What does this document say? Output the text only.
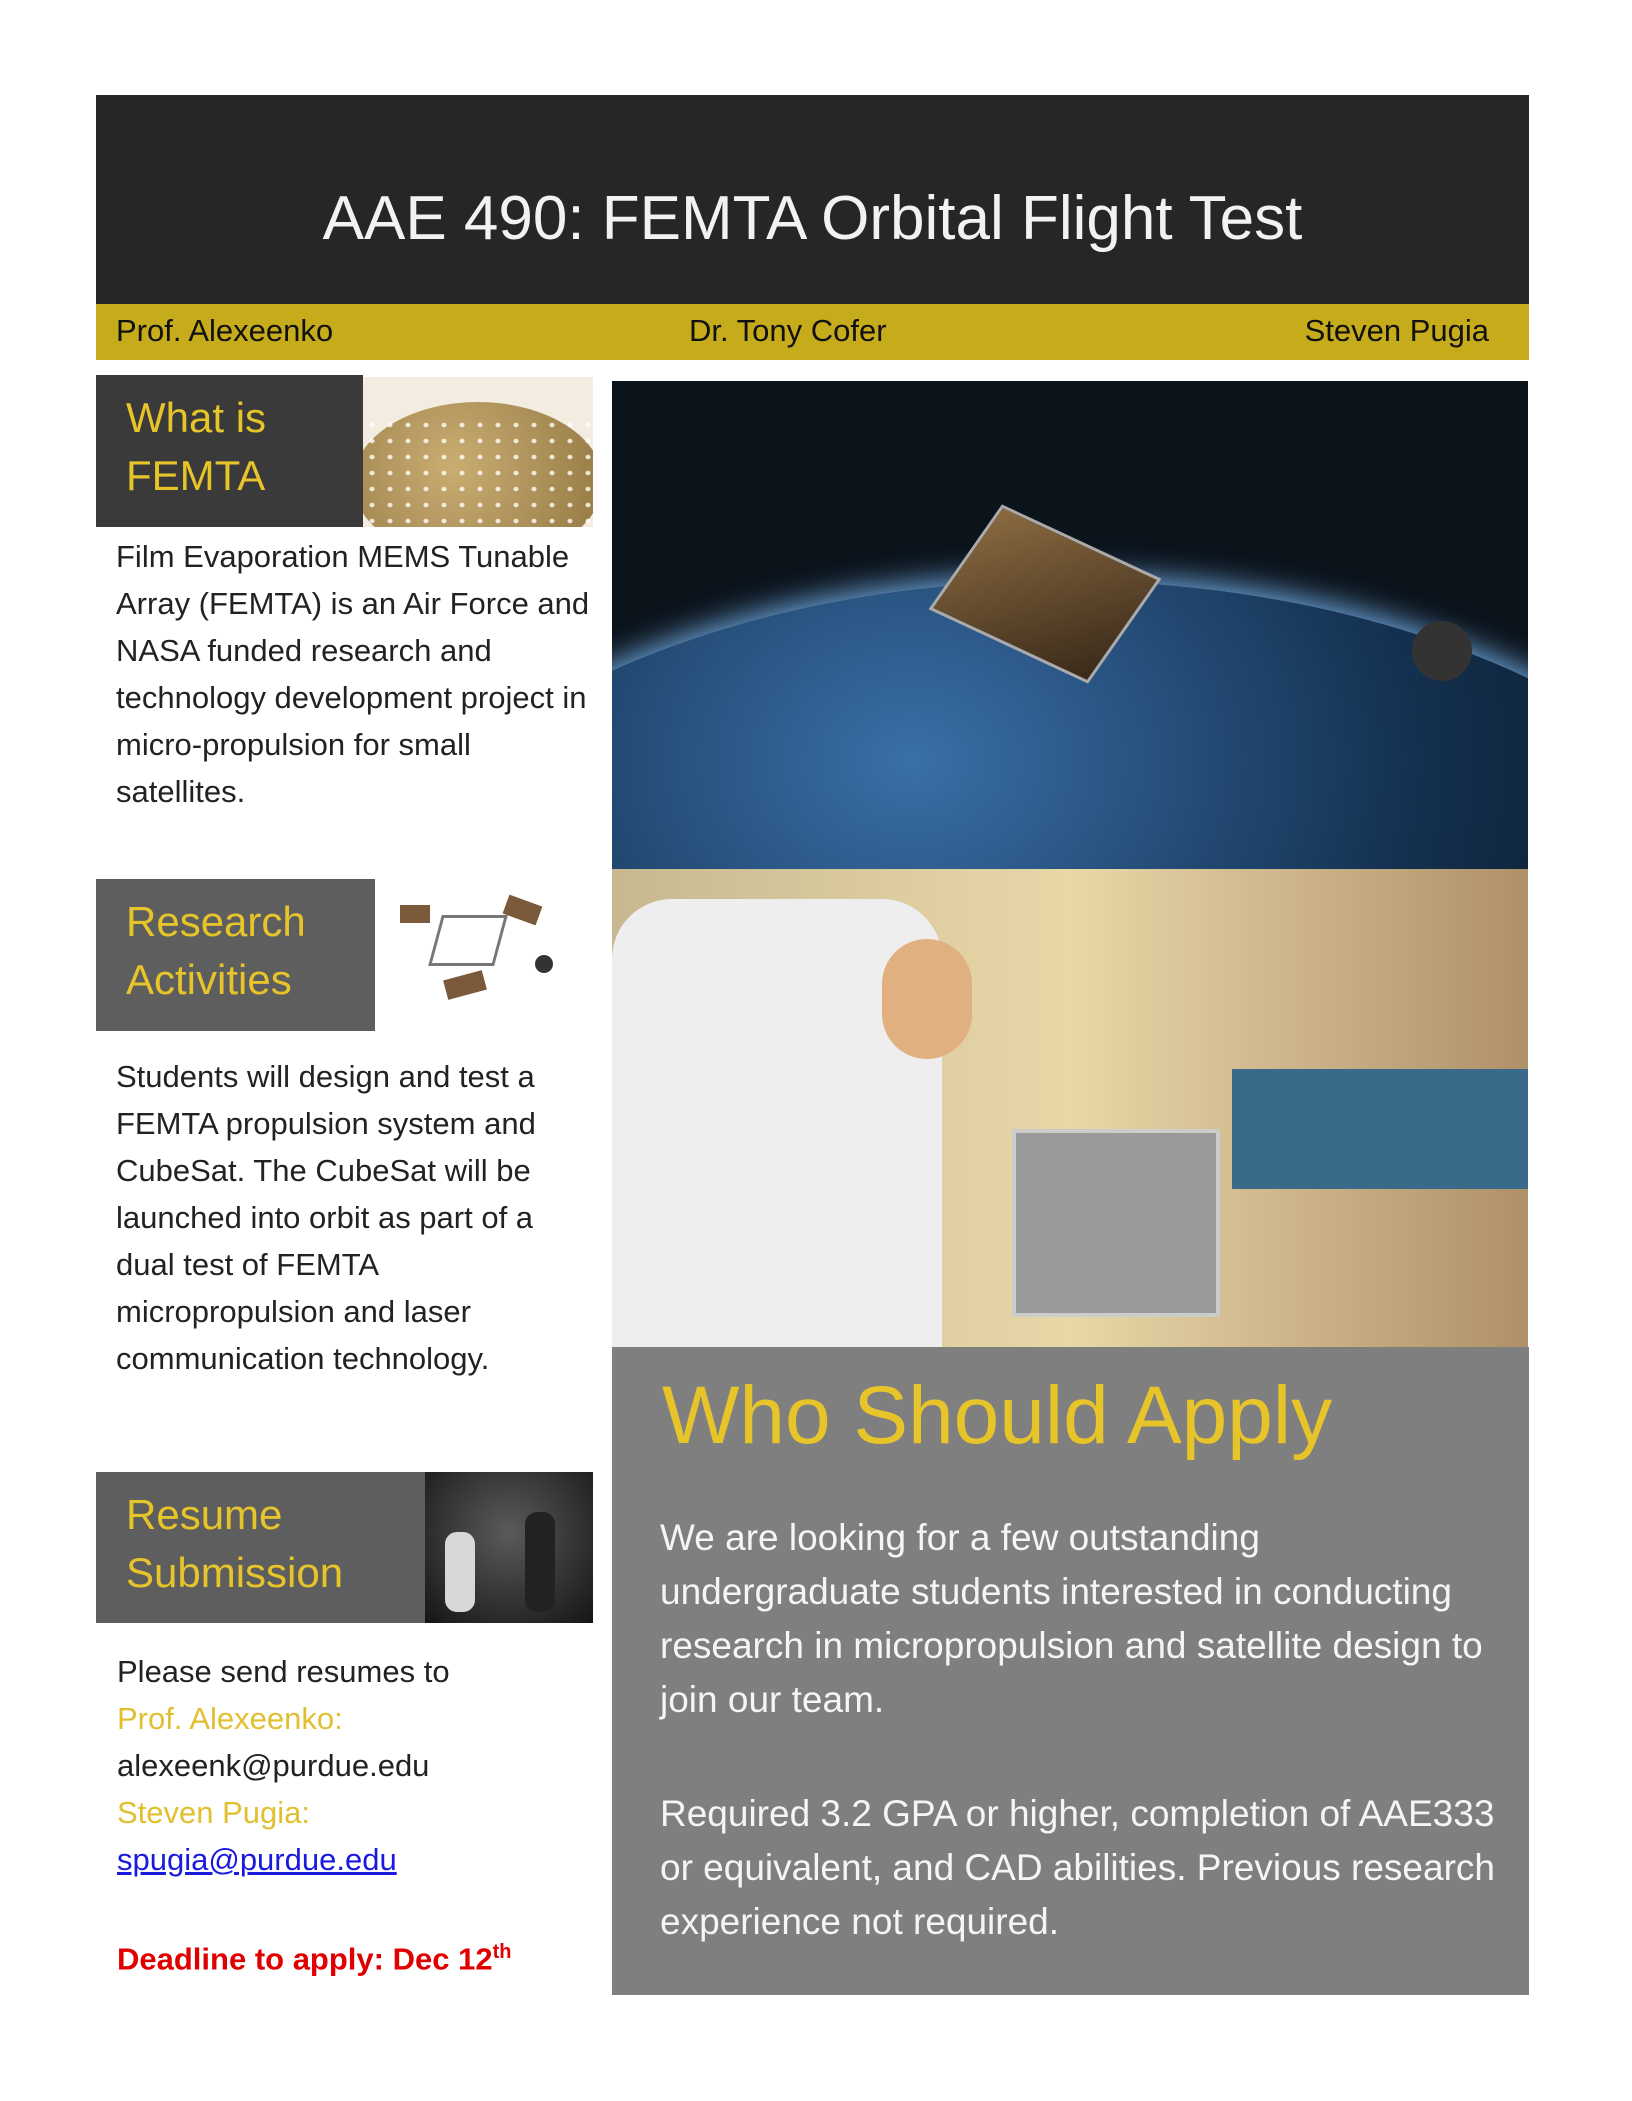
AAE 490: FEMTA Orbital Flight Test
Prof. Alexeenko	Dr. Tony Cofer	Steven Pugia
What is
FEMTA
Film Evaporation MEMS Tunable Array (FEMTA) is an Air Force and NASA funded research and technology development project in micro-propulsion for small satellites.
Research
Activities
Students will design and test a FEMTA propulsion system and CubeSat. The CubeSat will be launched into orbit as part of a dual test of FEMTA micropropulsion and laser communication technology.
Resume
Submission
Please send resumes to
Prof. Alexeenko:
alexeenk@purdue.edu
Steven Pugia:
spugia@purdue.edu
Deadline to apply: Dec 12th
Who Should Apply
We are looking for a few outstanding undergraduate students interested in conducting research in micropropulsion and satellite design to join our team.
Required 3.2 GPA or higher, completion of AAE333 or equivalent, and CAD abilities. Previous research experience not required.
